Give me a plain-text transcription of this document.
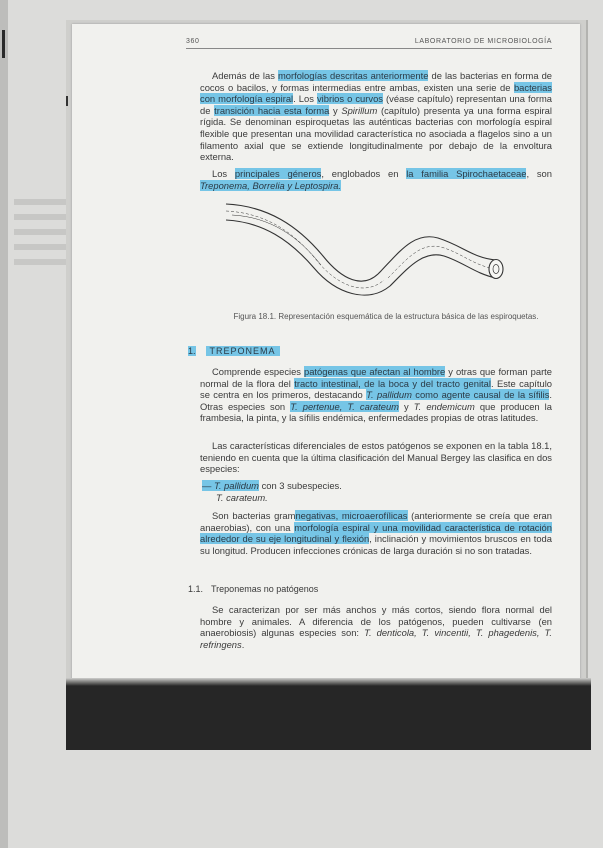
360	LABORATORIO DE MICROBIOLOGÍA
Además de las morfologías descritas anteriormente de las bacterias en forma de cocos o bacilos, y formas intermedias entre ambas, existen una serie de bacterias con morfología espiral. Los vibrios o curvos (véase capítulo) representan una forma de transición hacia esta forma y Spirillum (capítulo) presenta ya una forma espiral rígida. Se denominan espiroquetas las auténticas bacterias con morfología espiral flexible que presentan una movilidad característica no asociada a flagelos sino a un filamento axial que se extiende longitudinalmente por debajo de la envoltura externa.
Los principales géneros, englobados en la familia Spirochaetaceae, son Treponema, Borrelia y Leptospira.
Figura 18.1. Representación esquemática de la estructura básica de las espiroquetas.
1. TREPONEMA
Comprende especies patógenas que afectan al hombre y otras que forman parte normal de la flora del tracto intestinal, de la boca y del tracto genital. Este capítulo se centra en los primeros, destacando T. pallidum como agente causal de la sífilis. Otras especies son T. pertenue, T. carateum y T. endemicum que producen la frambesia, la pinta, y la sífilis endémica, enfermedades propias de otras latitudes.
Las características diferenciales de estos patógenos se exponen en la tabla 18.1, teniendo en cuenta que la última clasificación del Manual Bergey las clasifica en dos especies:
— T. pallidum con 3 subespecies.
T. carateum.
Son bacterias gramnegativas, microaerofílicas (anteriormente se creía que eran anaerobias), con una morfología espiral y una movilidad característica de rotación alrededor de su eje longitudinal y flexión, inclinación y movimientos bruscos en toda su longitud. Producen infecciones crónicas de larga duración si no son tratadas.
1.1. Treponemas no patógenos
Se caracterizan por ser más anchos y más cortos, siendo flora normal del hombre y animales. A diferencia de los patógenos, pueden cultivarse (en anaerobiosis) algunas especies son: T. denticola, T. vincentii, T. phagedenis, T. refringens.
